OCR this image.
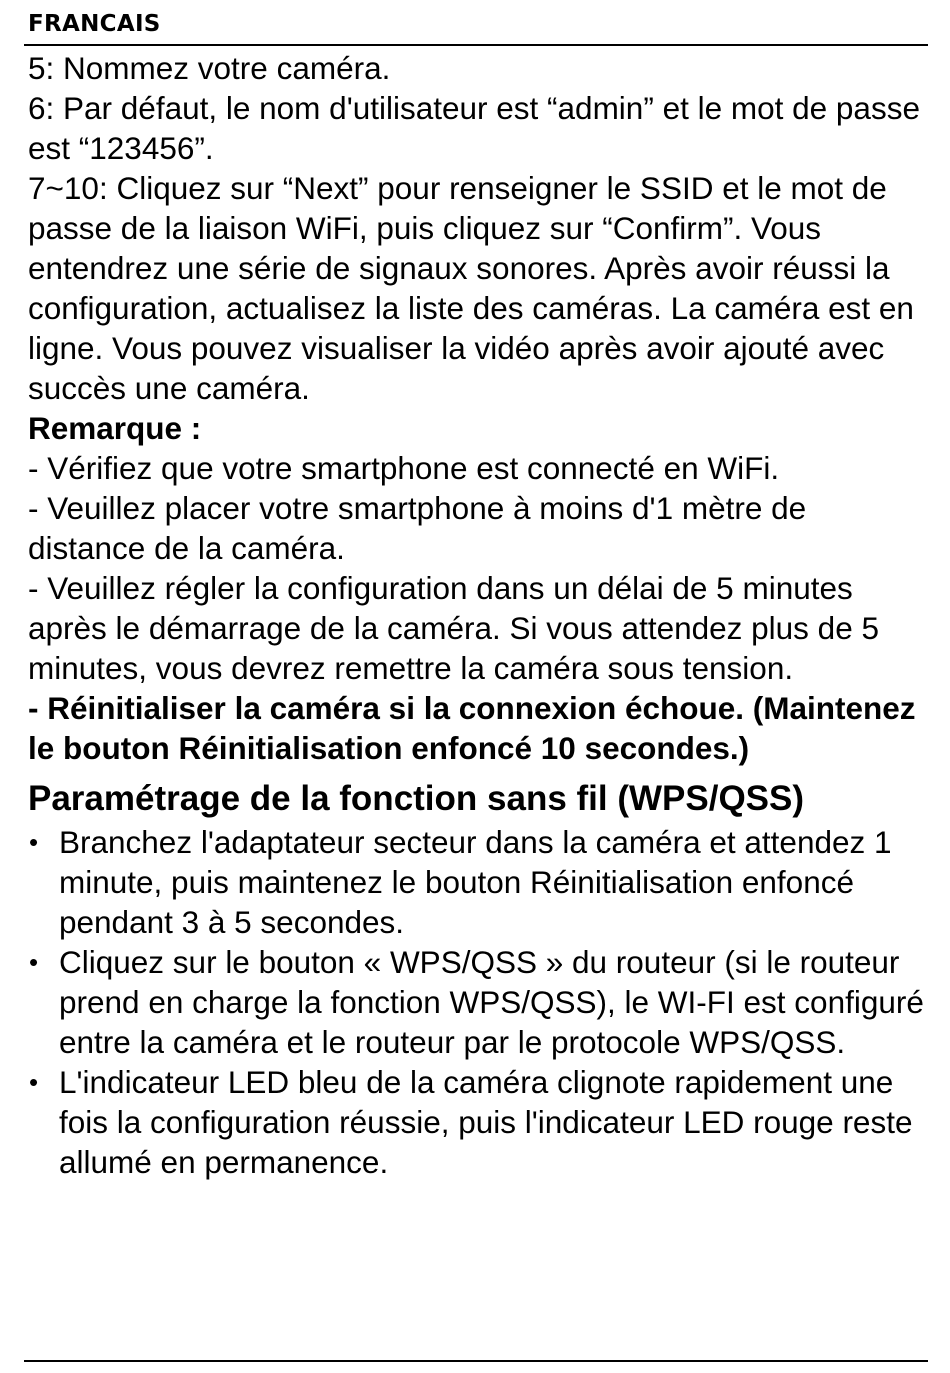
FRANCAIS

5: Nommez votre caméra.

6: Par défaut, le nom d'utilisateur est “admin” et le mot de passe est “123456”.

7~10: Cliquez sur “Next” pour renseigner le SSID et le mot de passe de la liaison WiFi, puis cliquez sur “Confirm”. Vous entendrez une série de signaux sonores. Après avoir réussi la configuration, actualisez la liste des caméras. La caméra est en ligne. Vous pouvez visualiser la vidéo après avoir ajouté avec succès une caméra.

Remarque :

- Vérifiez que votre smartphone est connecté en WiFi.

- Veuillez placer votre smartphone à moins d'1 mètre de distance de la caméra.

- Veuillez régler la configuration dans un délai de 5 minutes après le démarrage de la caméra. Si vous attendez plus de 5 minutes, vous devrez remettre la caméra sous tension.

- Réinitialiser la caméra si la connexion échoue. (Maintenez le bouton Réinitialisation enfoncé 10 secondes.)

Paramétrage de la fonction sans fil (WPS/QSS)
• Branchez l'adaptateur secteur dans la caméra et attendez 1 minute, puis maintenez le bouton Réinitialisation enfoncé pendant 3 à 5 secondes.
• Cliquez sur le bouton « WPS/QSS » du routeur (si le routeur prend en charge la fonction WPS/QSS), le WI-FI est configuré entre la caméra et le routeur par le protocole WPS/QSS.
• L'indicateur LED bleu de la caméra clignote rapidement une fois la configuration réussie, puis l'indicateur LED rouge reste allumé en permanence.
